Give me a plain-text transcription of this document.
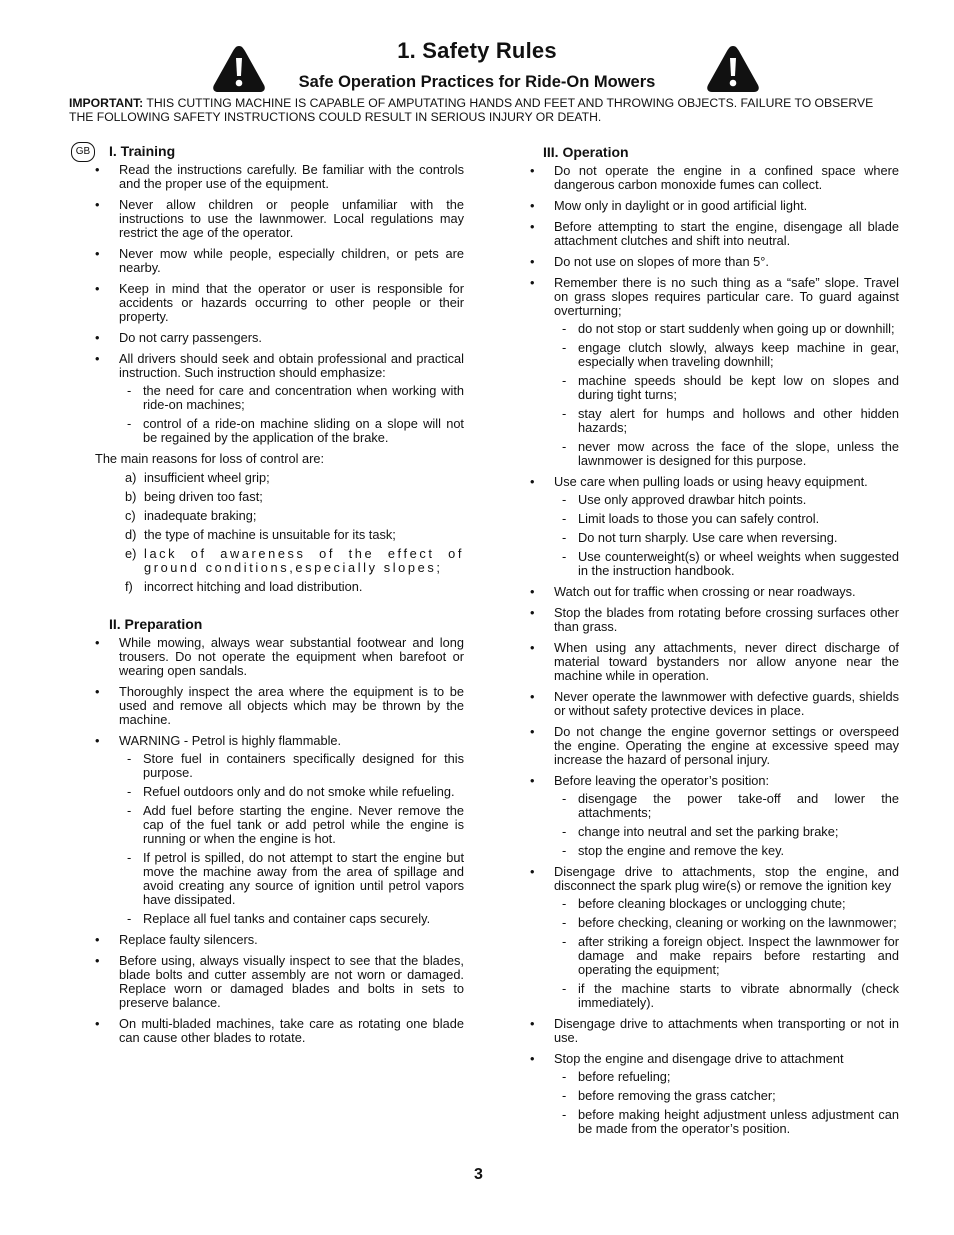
1. Safety Rules
Safe Operation Practices for Ride-On Mowers
IMPORTANT: THIS CUTTING MACHINE IS CAPABLE OF AMPUTATING HANDS AND FEET AND THROWING OBJECTS. FAILURE TO OBSERVE THE FOLLOWING SAFETY INSTRUCTIONS COULD RESULT IN SERIOUS INJURY OR DEATH.
GB	I. Training
• Read the instructions carefully. Be familiar with the controls and the proper use of the equipment.
• Never allow children or people unfamiliar with the instructions to use the lawnmower. Local regulations may restrict the age of the operator.
• Never mow while people, especially children, or pets are nearby.
• Keep in mind that the operator or user is responsible for accidents or hazards occurring to other people or their property.
• Do not carry passengers.
• All drivers should seek and obtain professional and practical instruction. Such instruction should emphasize:
- the need for care and concentration when working with ride-on machines;
- control of a ride-on machine sliding on a slope will not be regained by the application of the brake.
The main reasons for loss of control are:
a) insufficient wheel grip;
b) being driven too fast;
c) inadequate braking;
d) the type of machine is unsuitable for its task;
e) lack of awareness of the effect of ground conditions,especially slopes;
f) incorrect hitching and load distribution.
II. Preparation
• While mowing, always wear substantial footwear and long trousers. Do not operate the equipment when barefoot or wearing open sandals.
• Thoroughly inspect the area where the equipment is to be used and remove all objects which may be thrown by the machine.
• WARNING - Petrol is highly flammable.
- Store fuel in containers specifically designed for this purpose.
- Refuel outdoors only and do not smoke while refueling.
- Add fuel before starting the engine. Never remove the cap of the fuel tank or add petrol while the engine is running or when the engine is hot.
- If petrol is spilled, do not attempt to start the engine but move the machine away from the area of spillage and avoid creating any source of ignition until petrol vapors have dissipated.
- Replace all fuel tanks and container caps securely.
• Replace faulty silencers.
• Before using, always visually inspect to see that the blades, blade bolts and cutter assembly are not worn or damaged. Replace worn or damaged blades and bolts in sets to preserve balance.
• On multi-bladed machines, take care as rotating one blade can cause other blades to rotate.
III. Operation
• Do not operate the engine in a confined space where dangerous carbon monoxide fumes can collect.
• Mow only in daylight or in good artificial light.
• Before attempting to start the engine, disengage all blade attachment clutches and shift into neutral.
• Do not use on slopes of more than 5°.
• Remember there is no such thing as a “safe” slope. Travel on grass slopes requires particular care. To guard against overturning;
- do not stop or start suddenly when going up or downhill;
- engage clutch slowly, always keep machine in gear, especially when traveling downhill;
- machine speeds should be kept low on slopes and during tight turns;
- stay alert for humps and hollows and other hidden hazards;
- never mow across the face of the slope, unless the lawnmower is designed for this purpose.
• Use care when pulling loads or using heavy equipment.
- Use only approved drawbar hitch points.
- Limit loads to those you can safely control.
- Do not turn sharply. Use care when reversing.
- Use counterweight(s) or wheel weights when suggested in the instruction handbook.
• Watch out for traffic when crossing or near roadways.
• Stop the blades from rotating before crossing surfaces other than grass.
• When using any attachments, never direct discharge of material toward bystanders nor allow anyone near the machine while in operation.
• Never operate the lawnmower with defective guards, shields or without safety protective devices in place.
• Do not change the engine governor settings or overspeed the engine. Operating the engine at excessive speed may increase the hazard of personal injury.
• Before leaving the operator’s position:
- disengage the power take-off and lower the attachments;
- change into neutral and set the parking brake;
- stop the engine and remove the key.
• Disengage drive to attachments, stop the engine, and disconnect the spark plug wire(s) or remove the ignition key
- before cleaning blockages or unclogging chute;
- before checking, cleaning or working on the lawnmower;
- after striking a foreign object. Inspect the lawnmower for damage and make repairs before restarting and operating the equipment;
- if the machine starts to vibrate abnormally (check immediately).
• Disengage drive to attachments when transporting or not in use.
• Stop the engine and disengage drive to attachment
- before refueling;
- before removing the grass catcher;
- before making height adjustment unless adjustment can be made from the operator’s position.
3
